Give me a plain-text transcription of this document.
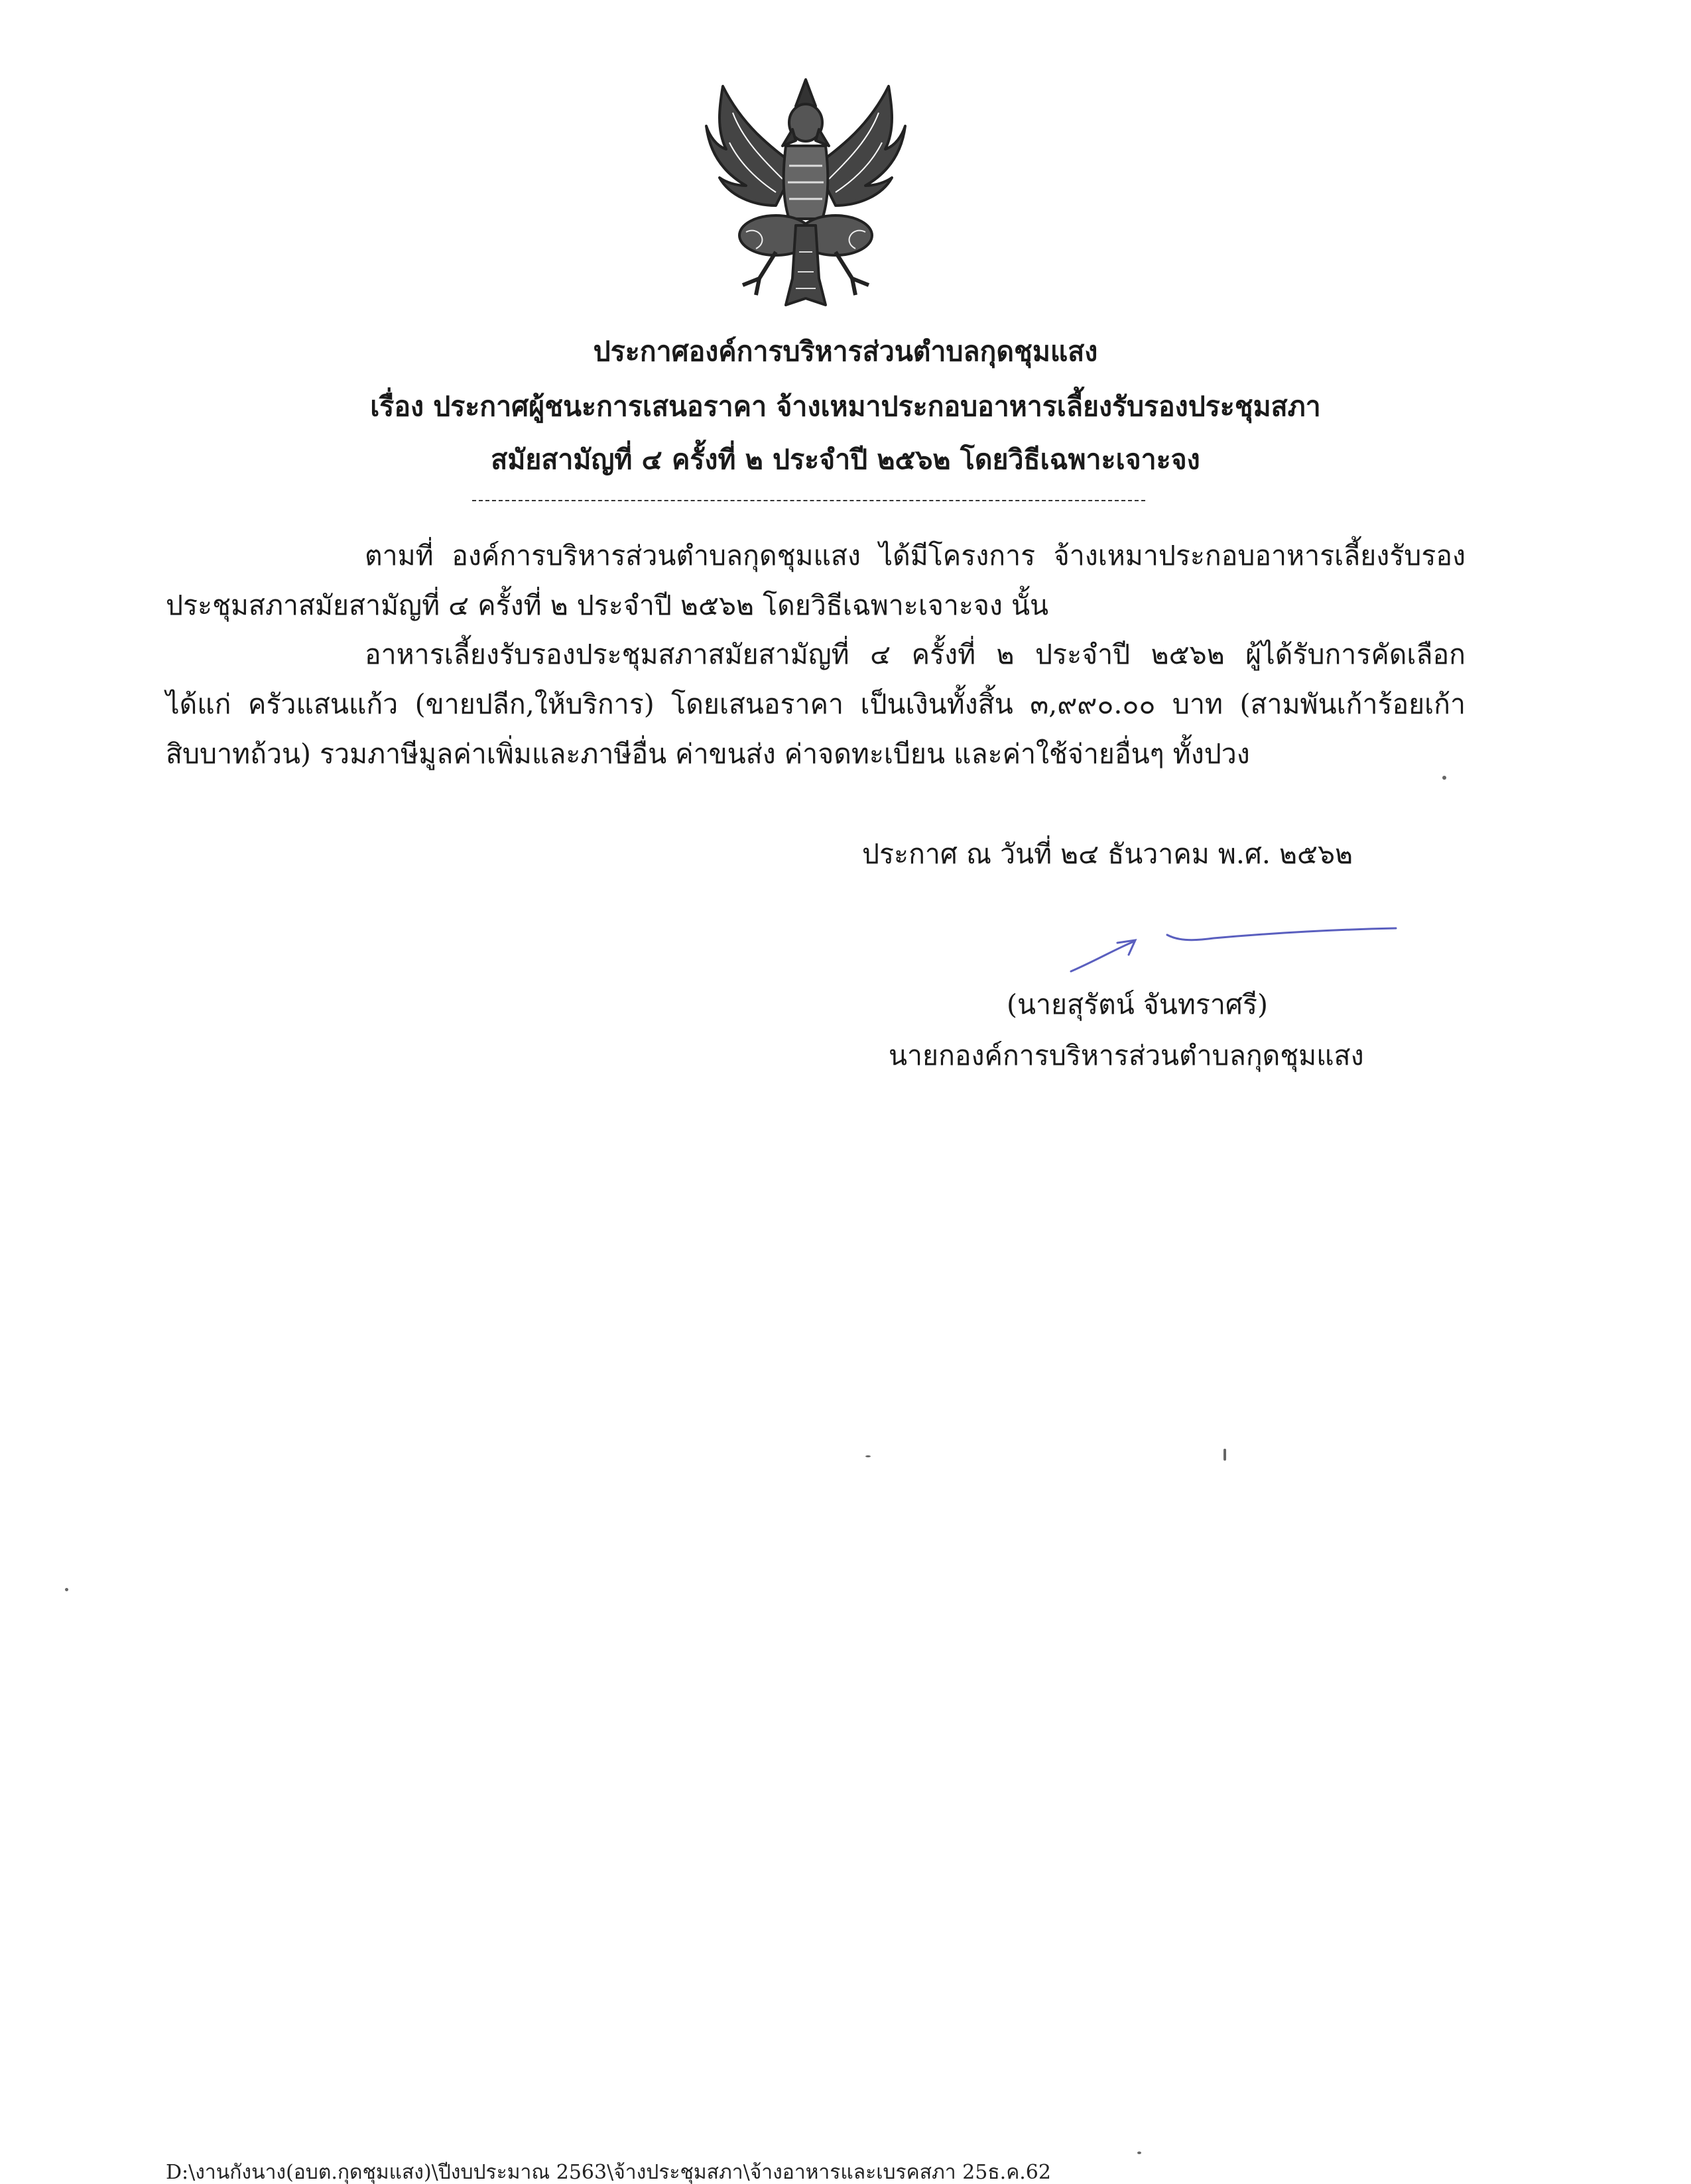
ประกาศองค์การบริหารส่วนตำบลกุดชุมแสง
เรื่อง ประกาศผู้ชนะการเสนอราคา จ้างเหมาประกอบอาหารเลี้ยงรับรองประชุมสภา
สมัยสามัญที่ ๔ ครั้งที่ ๒ ประจำปี ๒๕๖๒ โดยวิธีเฉพาะเจาะจง
ตามที่ องค์การบริหารส่วนตำบลกุดชุมแสง ได้มีโครงการ จ้างเหมาประกอบอาหารเลี้ยงรับรอง
ประชุมสภาสมัยสามัญที่ ๔ ครั้งที่ ๒ ประจำปี ๒๕๖๒ โดยวิธีเฉพาะเจาะจง นั้น
อาหารเลี้ยงรับรองประชุมสภาสมัยสามัญที่ ๔ ครั้งที่ ๒ ประจำปี ๒๕๖๒ ผู้ได้รับการคัดเลือก
ได้แก่ ครัวแสนแก้ว (ขายปลีก,ให้บริการ) โดยเสนอราคา เป็นเงินทั้งสิ้น ๓,๙๙๐.๐๐ บาท (สามพันเก้าร้อยเก้า
สิบบาทถ้วน) รวมภาษีมูลค่าเพิ่มและภาษีอื่น ค่าขนส่ง ค่าจดทะเบียน และค่าใช้จ่ายอื่นๆ ทั้งปวง
ประกาศ ณ วันที่ ๒๔ ธันวาคม พ.ศ. ๒๕๖๒
(นายสุรัตน์ จันทราศรี)
นายกองค์การบริหารส่วนตำบลกุดชุมแสง
D:\งานกังนาง(อบต.กุดชุมแสง)\ปีงบประมาณ 2563\จ้างประชุมสภา\จ้างอาหารและเบรคสภา 25ธ.ค.62
